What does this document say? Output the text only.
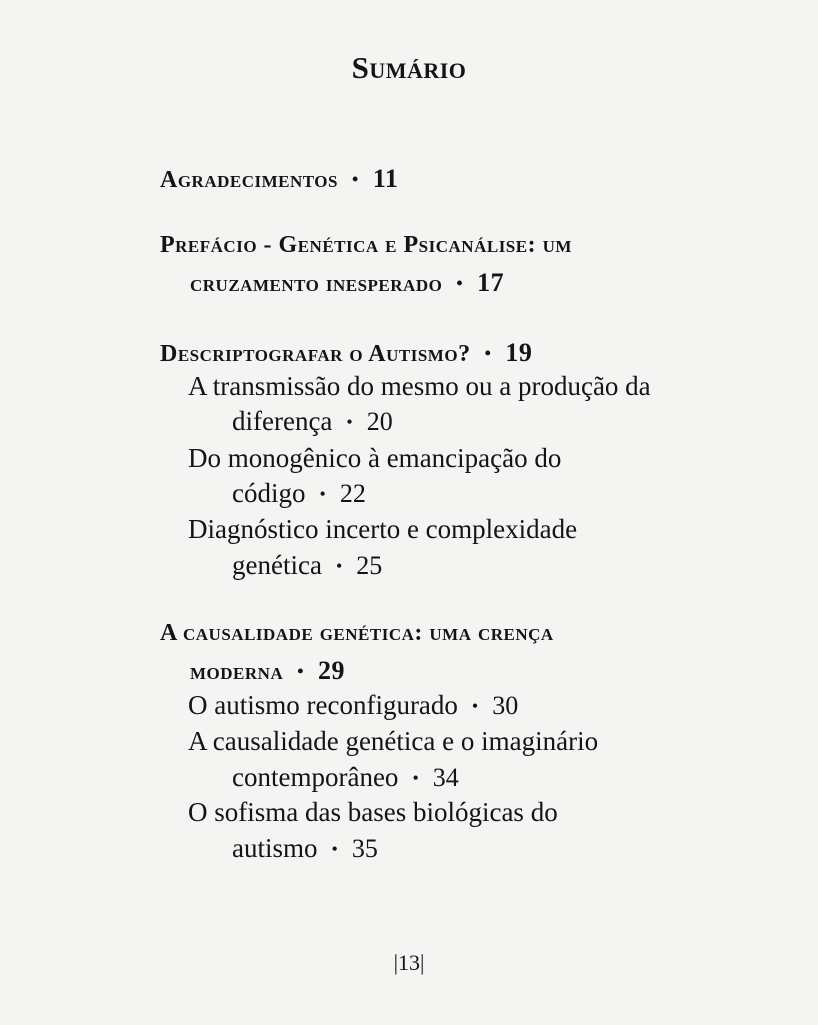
Sumário
Agradecimentos • 11
Prefácio - Genética e Psicanálise: um
cruzamento inesperado • 17
Descriptografar o Autismo? • 19
A transmissão do mesmo ou a produção da
diferença • 20
Do monogênico à emancipação do
código • 22
Diagnóstico incerto e complexidade
genética • 25
A causalidade genética: uma crença
moderna • 29
O autismo reconfigurado • 30
A causalidade genética e o imaginário
contemporâneo • 34
O sofisma das bases biológicas do
autismo • 35
|13|
